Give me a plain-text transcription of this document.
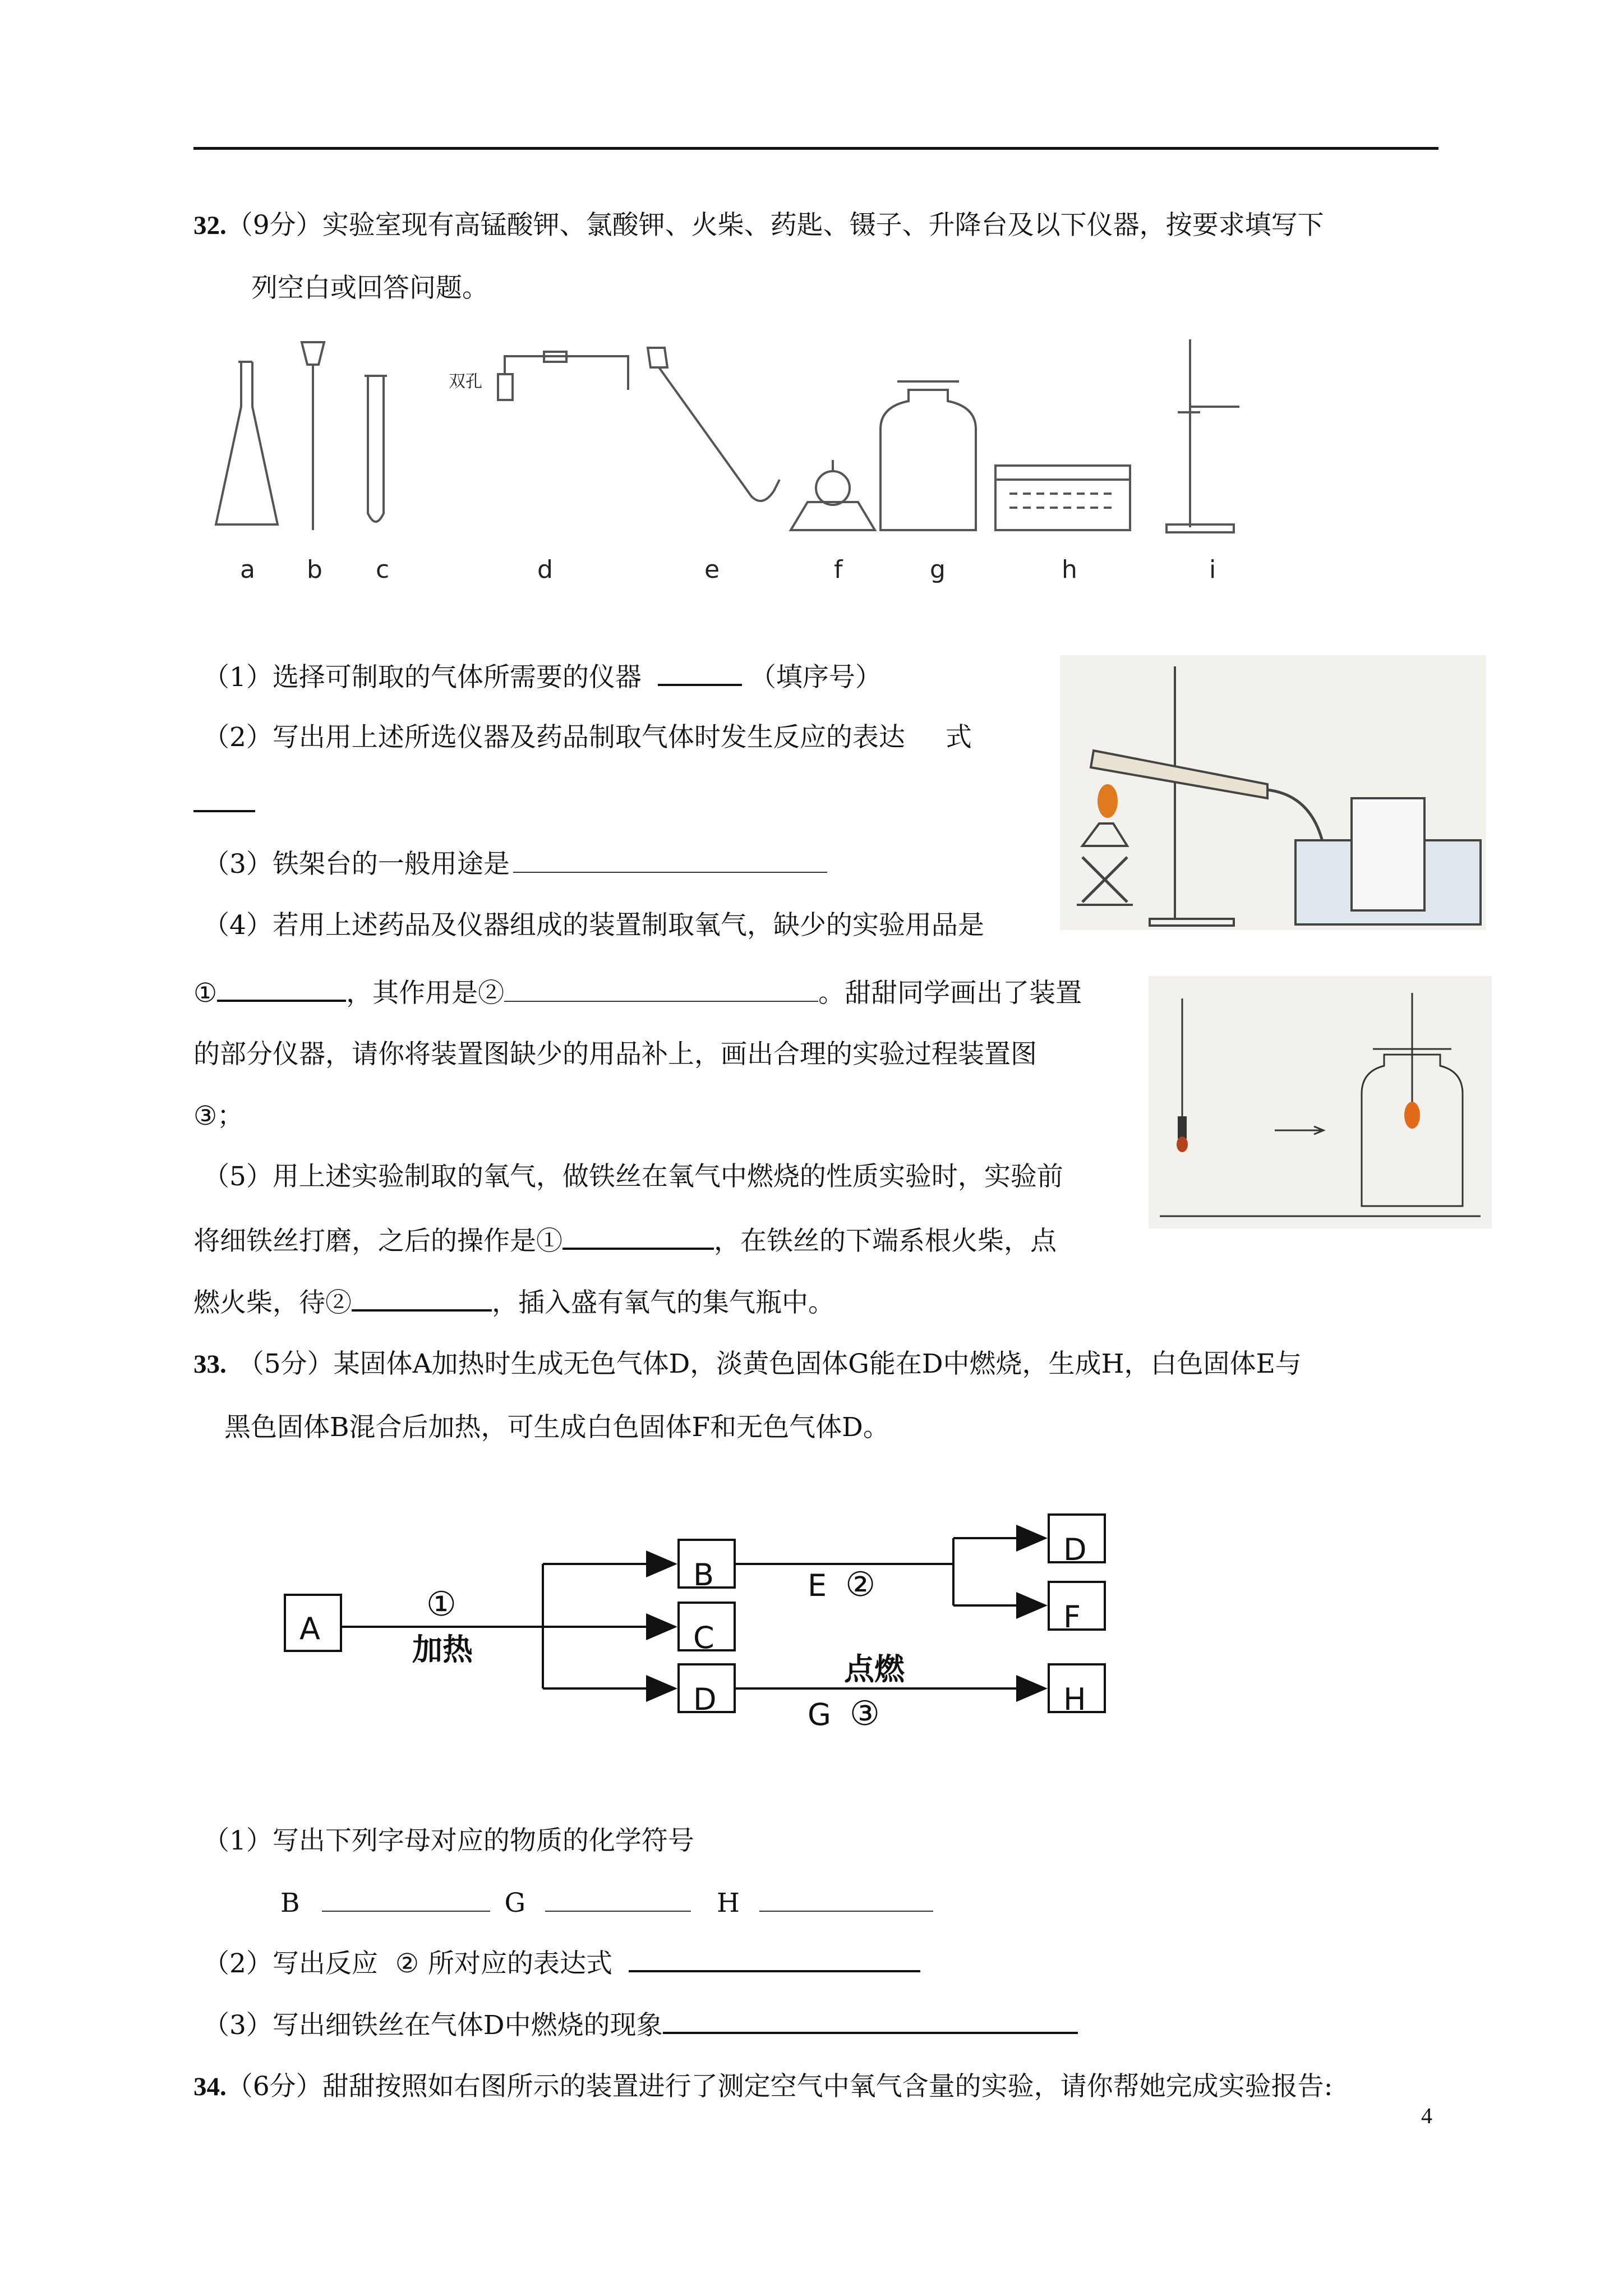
32.（9分）实验室现有高锰酸钾、氯酸钾、火柴、药匙、镊子、升降台及以下仪器，按要求填写下
列空白或回答问题。
a b c	d	e	f	g	h	i
双孔
（1）选择可制取的气体所需要的仪器	（填序号）
（2）写出用上述所选仪器及药品制取气体时发生反应的表达 式
（3）铁架台的一般用途是
（4）若用上述药品及仪器组成的装置制取氧气，缺少的实验用品是
①	，其作用是②	。甜甜同学画出了装置
的部分仪器，请你将装置图缺少的用品补上，画出合理的实验过程装置图
③；
（5）用上述实验制取的氧气，做铁丝在氧气中燃烧的性质实验时，实验前
将细铁丝打磨，之后的操作是①	，在铁丝的下端系根火柴，点
燃火柴，待②	，插入盛有氧气的集气瓶中。
33. （5分）某固体A加热时生成无色气体D，淡黄色固体G能在D中燃烧，生成H，白色固体E与
黑色固体B混合后加热，可生成白色固体F和无色气体D。
A
B
C
D
D
F
H
①
加热
E ②
点燃
G ③
（1）写出下列字母对应的物质的化学符号
B	G	H
（2）写出反应 ② 所对应的表达式
（3）写出细铁丝在气体D中燃烧的现象
34.（6分）甜甜按照如右图所示的装置进行了测定空气中氧气含量的实验，请你帮她完成实验报告:
4
